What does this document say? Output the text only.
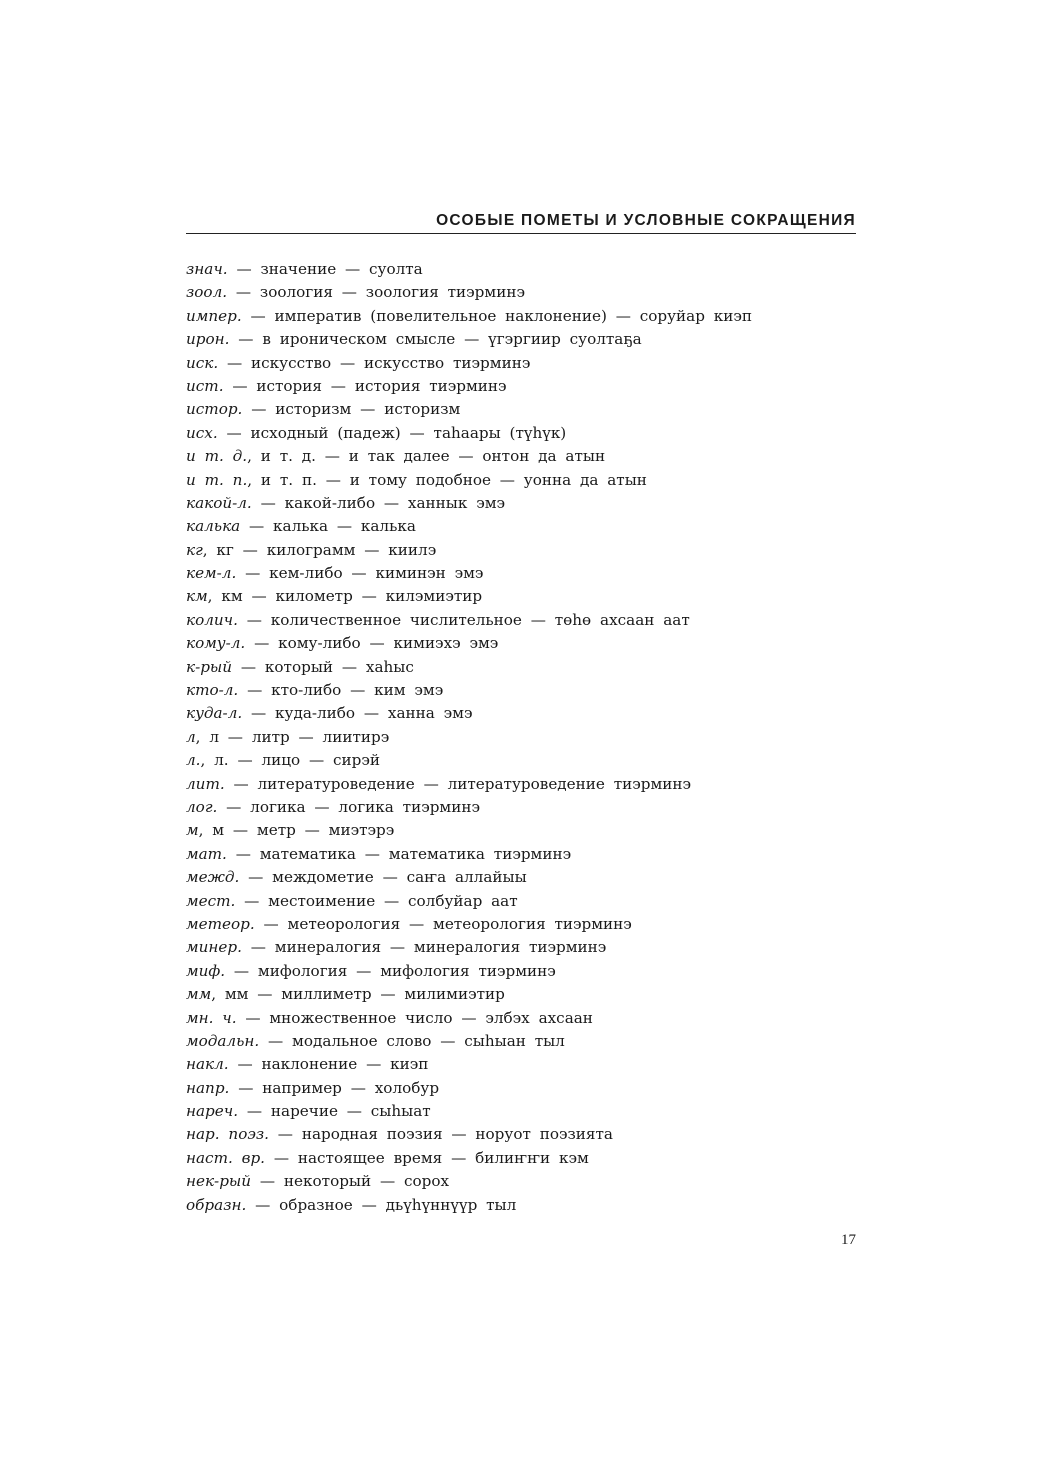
ОСОБЫЕ ПОМЕТЫ И УСЛОВНЫЕ СОКРАЩЕНИЯ
знач. — значение — суолта
зоол. — зоология — зоология тиэрминэ
импер. — императив (повелительное наклонение) — соруйар киэп
ирон. — в ироническом смысле — үгэргиир суолтаҕа
иск. — искусство — искусство тиэрминэ
ист. — история — история тиэрминэ
истор. — историзм — историзм
исх. — исходный (падеж) — таһаары (түһүк)
и т. д., и т. д. — и так далее — онтон да атын
и т. п., и т. п. — и тому подобное — уонна да атын
какой-л. — какой-либо — ханнык эмэ
калька — калька — калька
кг, кг — килограмм — киилэ
кем-л. — кем-либо — киминэн эмэ
км, км — километр — килэмиэтир
колич. — количественное числительное — төһө ахсаан аат
кому-л. — кому-либо — кимиэхэ эмэ
к-рый — который — хаһыс
кто-л. — кто-либо — ким эмэ
куда-л. — куда-либо — ханна эмэ
л, л — литр — лиитирэ
л., л. — лицо — сирэй
лит. — литературоведение — литературоведение тиэрминэ
лог. — логика — логика тиэрминэ
м, м — метр — миэтэрэ
мат. — математика — математика тиэрминэ
межд. — междометие — саҥа аллайыы
мест. — местоимение — солбуйар аат
метеор. — метеорология — метеорология тиэрминэ
минер. — минералогия — минералогия тиэрминэ
миф. — мифология — мифология тиэрминэ
мм, мм — миллиметр — милимиэтир
мн. ч. — множественное число — элбэх ахсаан
модальн. — модальное слово — сыһыан тыл
накл. — наклонение — киэп
напр. — например — холобур
нареч. — наречие — сыһыат
нар. поэз. — народная поэзия — норуот поэзията
наст. вр. — настоящее время — билиҥҥи кэм
нек-рый — некоторый — сорох
образн. — образное — дьүһүннүүр тыл
17
